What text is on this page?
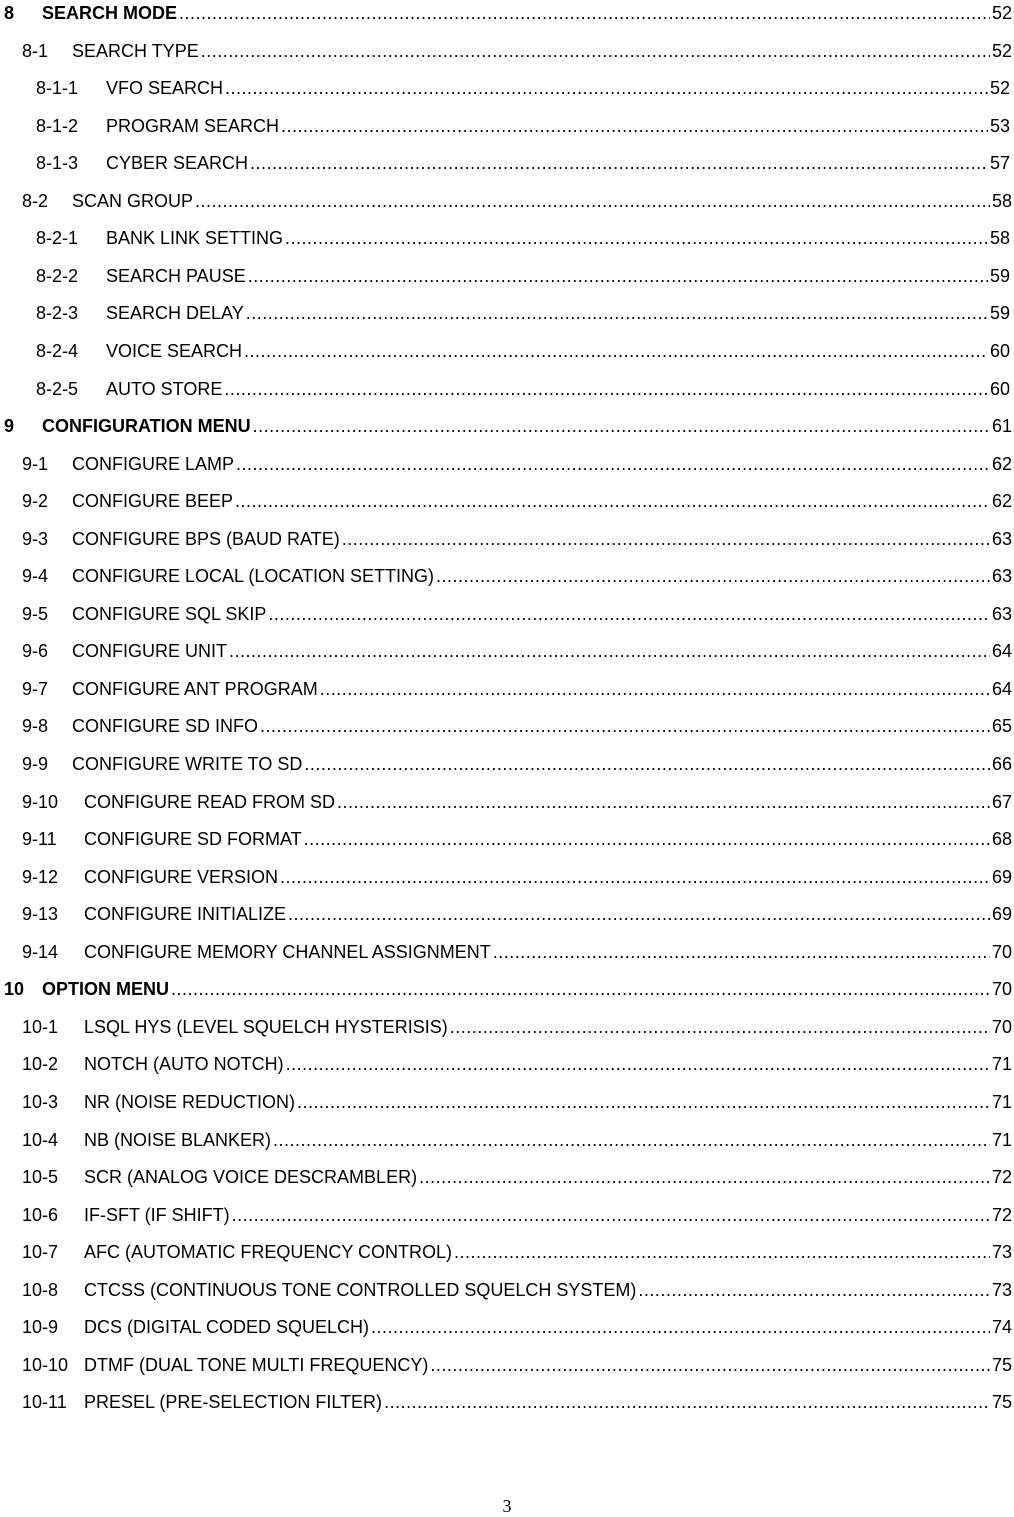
8	SEARCH MODE .....	52
8-1	SEARCH TYPE .....	52
8-1-1	VFO SEARCH .....	52
8-1-2	PROGRAM SEARCH .....	53
8-1-3	CYBER SEARCH .....	57
8-2	SCAN GROUP .....	58
8-2-1	BANK LINK SETTING .....	58
8-2-2	SEARCH PAUSE .....	59
8-2-3	SEARCH DELAY .....	59
8-2-4	VOICE SEARCH .....	60
8-2-5	AUTO STORE .....	60
9	CONFIGURATION MENU .....	61
9-1	CONFIGURE LAMP .....	62
9-2	CONFIGURE BEEP .....	62
9-3	CONFIGURE BPS (BAUD RATE) .....	63
9-4	CONFIGURE LOCAL (LOCATION SETTING) .....	63
9-5	CONFIGURE SQL SKIP .....	63
9-6	CONFIGURE UNIT .....	64
9-7	CONFIGURE ANT PROGRAM .....	64
9-8	CONFIGURE SD INFO .....	65
9-9	CONFIGURE WRITE TO SD .....	66
9-10	CONFIGURE READ FROM SD .....	67
9-11	CONFIGURE SD FORMAT .....	68
9-12	CONFIGURE VERSION .....	69
9-13	CONFIGURE INITIALIZE .....	69
9-14	CONFIGURE MEMORY CHANNEL ASSIGNMENT .....	70
10 OPTION MENU .....	70
10-1	LSQL HYS (LEVEL SQUELCH HYSTERISIS) .....	70
10-2	NOTCH (AUTO NOTCH) .....	71
10-3	NR (NOISE REDUCTION) .....	71
10-4	NB (NOISE BLANKER) .....	71
10-5	SCR (ANALOG VOICE DESCRAMBLER) .....	72
10-6	IF-SFT (IF SHIFT) .....	72
10-7	AFC (AUTOMATIC FREQUENCY CONTROL) .....	73
10-8	CTCSS (CONTINUOUS TONE CONTROLLED SQUELCH SYSTEM) .....	73
10-9	DCS (DIGITAL CODED SQUELCH) .....	74
10-10 DTMF (DUAL TONE MULTI FREQUENCY) .....	75
10-11 PRESEL (PRE-SELECTION FILTER) .....	75
3
